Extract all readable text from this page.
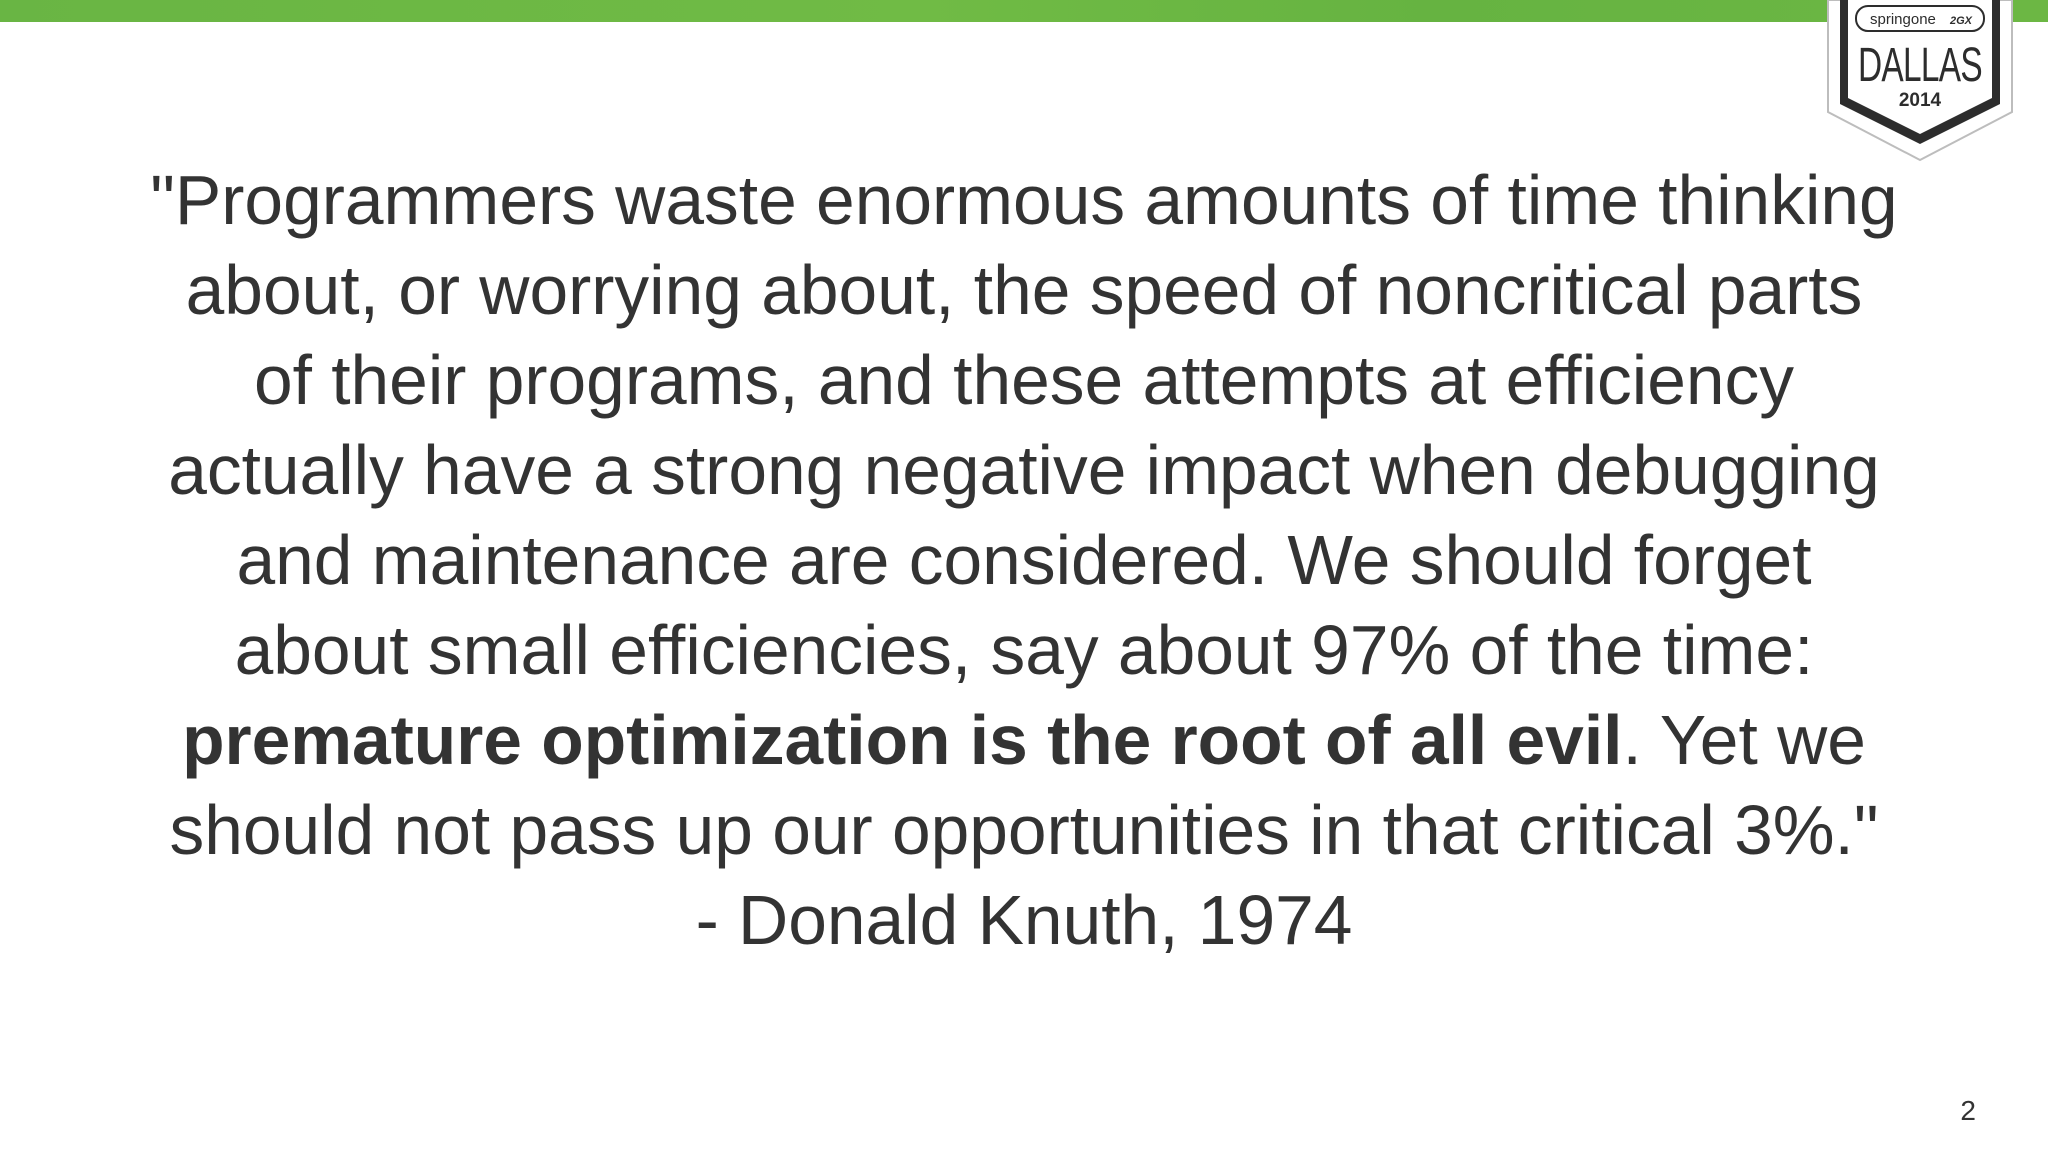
springone 2GX
DALLAS
2014

"Programmers waste enormous amounts of time thinking
about, or worrying about, the speed of noncritical parts
of their programs, and these attempts at efficiency
actually have a strong negative impact when debugging
and maintenance are considered. We should forget
about small efficiencies, say about 97% of the time:
premature optimization is the root of all evil. Yet we
should not pass up our opportunities in that critical 3%."
- Donald Knuth, 1974

2
